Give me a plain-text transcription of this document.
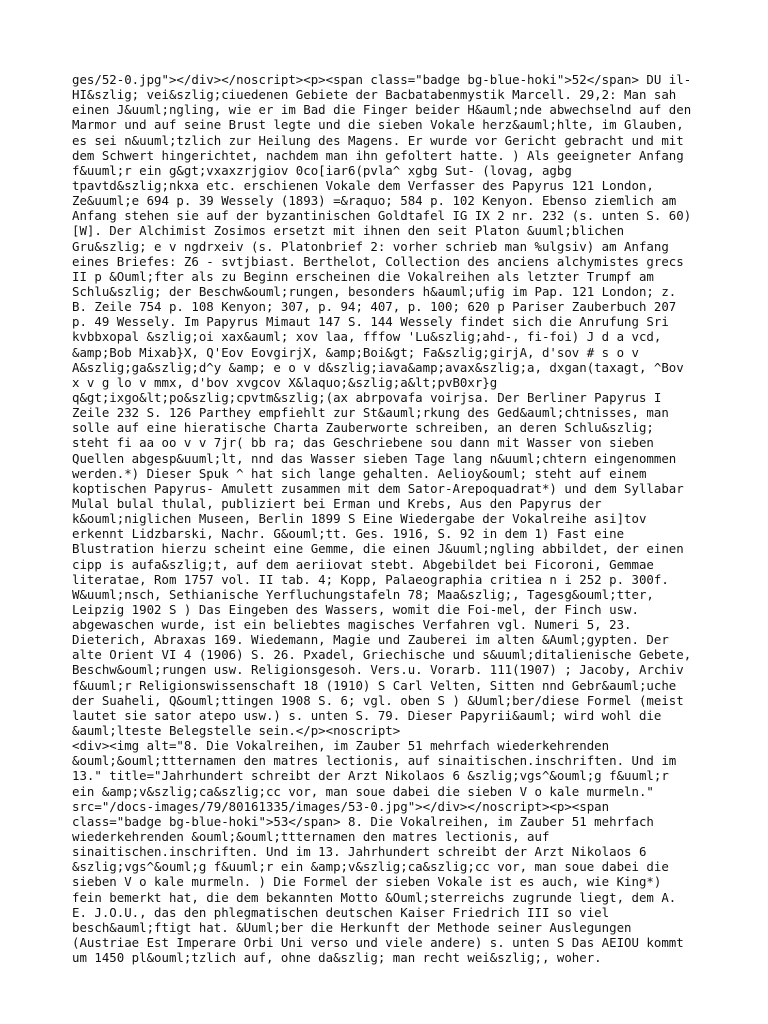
ges/52-0.jpg"></div></noscript><p><span class="badge bg-blue-hoki">52</span> DU il-
HI&szlig; vei&szlig;ciuedenen Gebiete der Bacbatabenmystik Marcell. 29,2: Man sah
einen J&uuml;ngling, wie er im Bad die Finger beider H&auml;nde abwechselnd auf den
Marmor und auf seine Brust legte und die sieben Vokale herz&auml;hlte, im Glauben,
es sei n&uuml;tzlich zur Heilung des Magens. Er wurde vor Gericht gebracht und mit
dem Schwert hingerichtet, nachdem man ihn gefoltert hatte. ) Als geeigneter Anfang
f&uuml;r ein g&gt;vxaxzrjgiov 0co[iar6(pvla^ xgbg Sut- (lovag, agbg
tpavtd&szlig;nkxa etc. erschienen Vokale dem Verfasser des Papyrus 121 London,
Ze&uuml;e 694 p. 39 Wessely (1893) =&raquo; 584 p. 102 Kenyon. Ebenso ziemlich am
Anfang stehen sie auf der byzantinischen Goldtafel IG IX 2 nr. 232 (s. unten S. 60)
[W]. Der Alchimist Zosimos ersetzt mit ihnen den seit Platon &uuml;blichen
Gru&szlig; e v ngdrxeiv (s. Platonbrief 2: vorher schrieb man %ulgsiv) am Anfang
eines Briefes: Z6 - svtjbiast. Berthelot, Collection des anciens alchymistes grecs
II p &Ouml;fter als zu Beginn erscheinen die Vokalreihen als letzter Trumpf am
Schlu&szlig; der Beschw&ouml;rungen, besonders h&auml;ufig im Pap. 121 London; z.
B. Zeile 754 p. 108 Kenyon; 307, p. 94; 407, p. 100; 620 p Pariser Zauberbuch 207
p. 49 Wessely. Im Papyrus Mimaut 147 S. 144 Wessely findet sich die Anrufung Sri
kvbbxopal &szlig;oi xax&auml; xov laa, fffow 'Lu&szlig;ahd-, fi-foi) J d a vcd,
&amp;Bob Mixab}X, Q'Eov EovgirjX, &amp;Boi&gt; Fa&szlig;girjA, d'sov # s o v
A&szlig;ga&szlig;d^y &amp; e o v d&szlig;iava&amp;avax&szlig;a, dxgan(taxagt, ^Bov
x v g lo v mmx, d'bov xvgcov X&laquo;&szlig;a&lt;pvB0xr}g
q&gt;ixgo&lt;po&szlig;cpvtm&szlig;(ax abrpovafa voirjsa. Der Berliner Papyrus I
Zeile 232 S. 126 Parthey empfiehlt zur St&auml;rkung des Ged&auml;chtnisses, man
solle auf eine hieratische Charta Zauberworte schreiben, an deren Schlu&szlig;
steht fi aa oo v v 7jr( bb ra; das Geschriebene sou dann mit Wasser von sieben
Quellen abgesp&uuml;lt, nnd das Wasser sieben Tage lang n&uuml;chtern eingenommen
werden.*) Dieser Spuk ^ hat sich lange gehalten. Aelioy&ouml; steht auf einem
koptischen Papyrus- Amulett zusammen mit dem Sator-Arepoquadrat*) und dem Syllabar
Mulal bulal thulal, publiziert bei Erman und Krebs, Aus den Papyrus der
k&ouml;niglichen Museen, Berlin 1899 S Eine Wiedergabe der Vokalreihe asi]tov
erkennt Lidzbarski, Nachr. G&ouml;tt. Ges. 1916, S. 92 in dem 1) Fast eine
Blustration hierzu scheint eine Gemme, die einen J&uuml;ngling abbildet, der einen
cipp is aufa&szlig;t, auf dem aeriiovat stebt. Abgebildet bei Ficoroni, Gemmae
literatae, Rom 1757 vol. II tab. 4; Kopp, Palaeographia critiea n i 252 p. 300f.
W&uuml;nsch, Sethianische Yerfluchungstafeln 78; Maa&szlig;, Tagesg&ouml;tter,
Leipzig 1902 S ) Das Eingeben des Wassers, womit die Foi-mel, der Finch usw.
abgewaschen wurde, ist ein beliebtes magisches Verfahren vgl. Numeri 5, 23.
Dieterich, Abraxas 169. Wiedemann, Magie und Zauberei im alten &Auml;gypten. Der
alte Orient VI 4 (1906) S. 26. Pxadel, Griechische und s&uuml;ditalienische Gebete,
Beschw&ouml;rungen usw. Religionsgesoh. Vers.u. Vorarb. 111(1907) ; Jacoby, Archiv
f&uuml;r Religionswissenschaft 18 (1910) S Carl Velten, Sitten nnd Gebr&auml;uche
der Suaheli, Q&ouml;ttingen 1908 S. 6; vgl. oben S ) &Uuml;ber/diese Formel (meist
lautet sie sator atepo usw.) s. unten S. 79. Dieser Papyrii&auml; wird wohl die
&auml;lteste Belegstelle sein.</p><noscript>
<div><img alt="8. Die Vokalreihen, im Zauber 51 mehrfach wiederkehrenden
&ouml;&ouml;ttternamen den matres lectionis, auf sinaitischen.inschriften. Und im
13." title="Jahrhundert schreibt der Arzt Nikolaos 6 &szlig;vgs^&ouml;g f&uuml;r
ein &amp;v&szlig;ca&szlig;cc vor, man soue dabei die sieben V o kale murmeln."
src="/docs-images/79/80161335/images/53-0.jpg"></div></noscript><p><span
class="badge bg-blue-hoki">53</span> 8. Die Vokalreihen, im Zauber 51 mehrfach
wiederkehrenden &ouml;&ouml;ttternamen den matres lectionis, auf
sinaitischen.inschriften. Und im 13. Jahrhundert schreibt der Arzt Nikolaos 6
&szlig;vgs^&ouml;g f&uuml;r ein &amp;v&szlig;ca&szlig;cc vor, man soue dabei die
sieben V o kale murmeln. ) Die Formel der sieben Vokale ist es auch, wie King*)
fein bemerkt hat, die dem bekannten Motto &Ouml;sterreichs zugrunde liegt, dem A.
E. J.O.U., das den phlegmatischen deutschen Kaiser Friedrich III so viel
besch&auml;ftigt hat. &Uuml;ber die Herkunft der Methode seiner Auslegungen
(Austriae Est Imperare Orbi Uni verso und viele andere) s. unten S Das AEIOU kommt
um 1450 pl&ouml;tzlich auf, ohne da&szlig; man recht wei&szlig;, woher.
